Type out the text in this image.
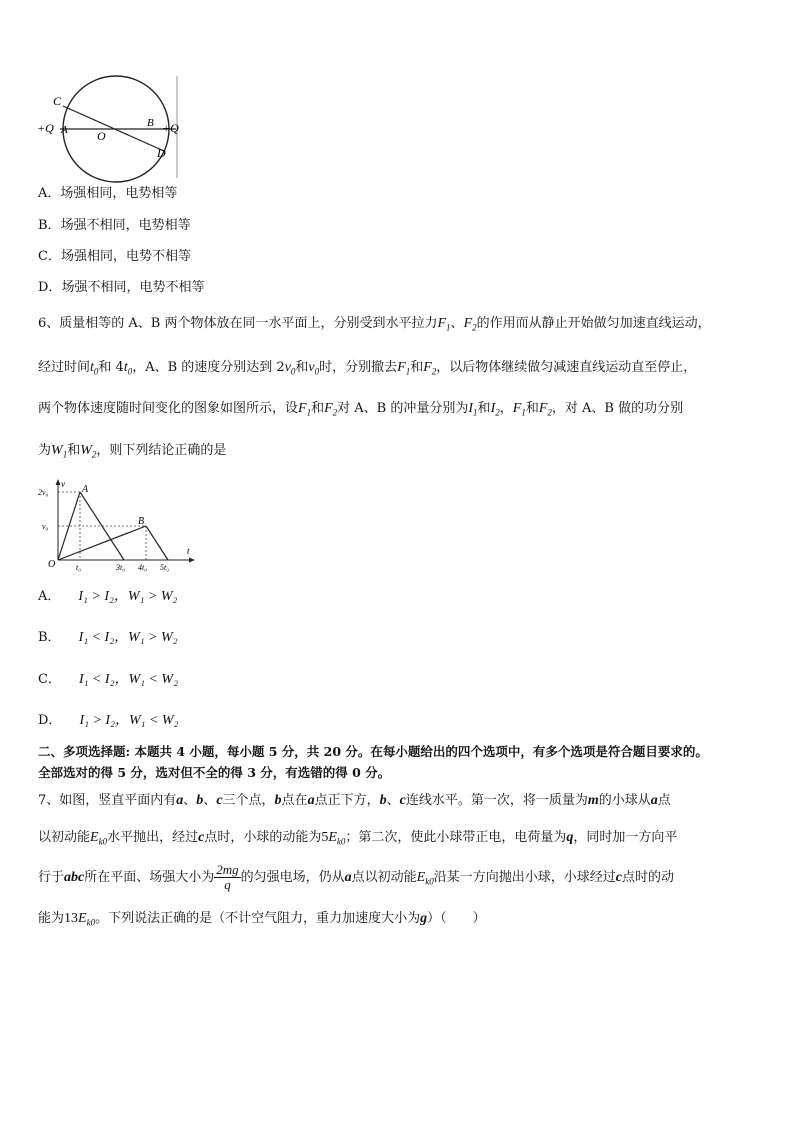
C
+Q A O
B +Q
D
A．场强相同，电势相等
B．场强不相同，电势相等
C．场强相同，电势不相等
D．场强不相同，电势不相等
6、质量相等的 A、B 两个物体放在同一水平面上，分别受到水平拉力$F_1$、$F_2$的作用而从静止开始做匀加速直线运动，
经过时间$t_0$和 $4t_0$，A、B 的速度分别达到 $2v_0$和$v_0$时，分别撤去$F_1$和$F_2$，以后物体继续做匀减速直线运动直至停止，
两个物体速度随时间变化的图象如图所示，设$F_1$和$F_2$对 A、B 的冲量分别为$I_1$和$I_2$，$F_1$和$F_2$，对 A、B 做的功分别
为$W_1$和$W_2$，则下列结论正确的是
v
t
2v₀
v₀
O	t₀	3t₀ 4t₀ 5t₀
A
B
A． I₁ > I₂，W₁ > W₂
B． I₁ < I₂，W₁ > W₂
C． I₁ < I₂，W₁ < W₂
D． I₁ > I₂，W₁ < W₂
二、多项选择题: 本题共 4 小题，每小题 5 分，共 20 分。在每小题给出的四个选项中，有多个选项是符合题目要求的。
全部选对的得 5 分，选对但不全的得 3 分，有选错的得 0 分。
7、如图，竖直平面内有a、b、c三个点，b点在a点正下方，b、c连线水平。第一次，将一质量为m的小球从a点
以初动能$E_{k0}$水平抛出，经过c点时，小球的动能为$5E_{k0}$；第二次，使此小球带正电，电荷量为q，同时加一方向平
行于abc所在平面、场强大小为 $\frac{2mg}{q}$ 的匀强电场，仍从a点以初动能$E_{k0}$沿某一方向抛出小球，小球经过c点时的动
能为$13E_{k0}$。下列说法正确的是（不计空气阻力，重力加速度大小为g）（　　）
